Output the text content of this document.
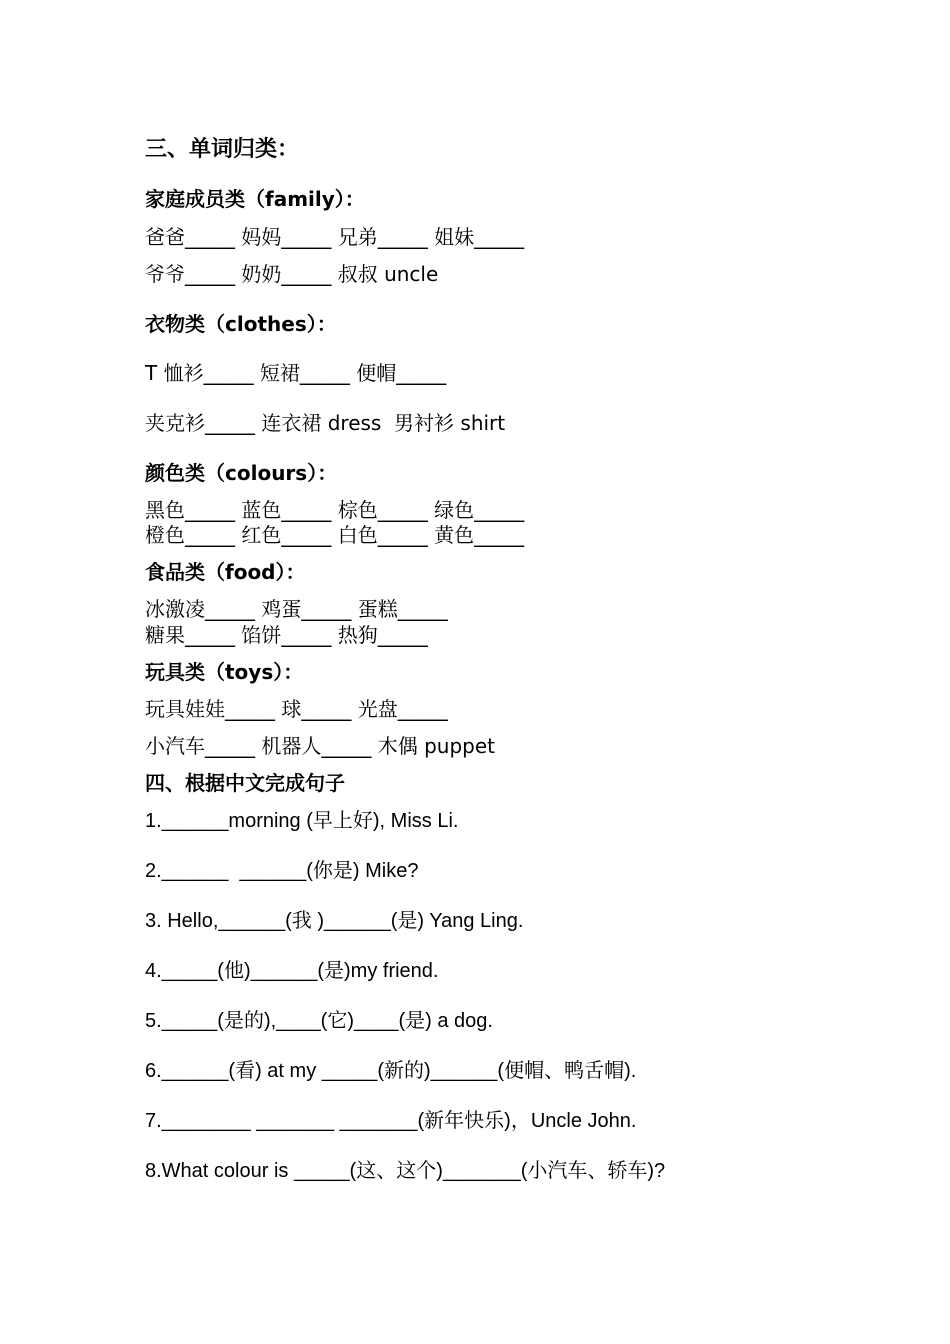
三、单词归类：
家庭成员类（family）：
爸爸_____ 妈妈_____ 兄弟_____ 姐妹_____
爷爷_____ 奶奶_____ 叔叔 uncle
衣物类（clothes）：
T 恤衫_____ 短裙_____ 便帽_____
夹克衫_____ 连衣裙 dress  男衬衫 shirt
颜色类（colours）：
黑色_____ 蓝色_____ 棕色_____ 绿色_____
橙色_____ 红色_____ 白色_____ 黄色_____
食品类（food）：
冰激凌_____ 鸡蛋_____ 蛋糕_____
糖果_____ 馅饼_____ 热狗_____
玩具类（toys）：
玩具娃娃_____ 球_____ 光盘_____
小汽车_____ 机器人_____ 木偶 puppet
四、根据中文完成句子
1.______morning (早上好), Miss Li.
2.______  ______(你是) Mike?
3. Hello,______(我 )______(是) Yang Ling.
4._____(他)______(是)my friend.
5._____(是的),____(它)____(是) a dog.
6.______(看) at my _____(新的)______(便帽、鸭舌帽).
7.________ _______ _______(新年快乐)，Uncle John.
8.What colour is _____(这、这个)_______(小汽车、轿车)?
